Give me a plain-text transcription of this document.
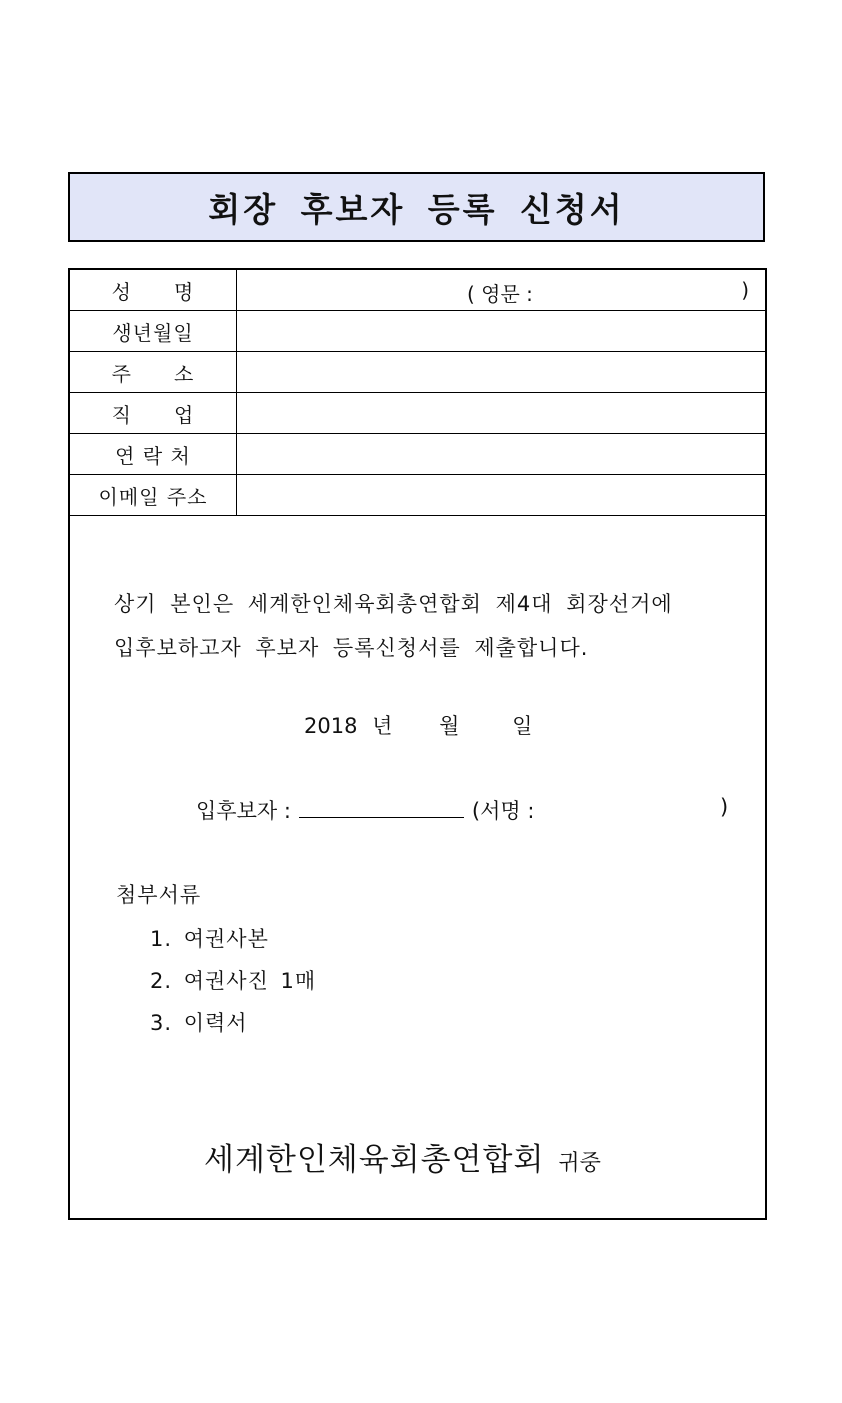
회장 후보자 등록 신청서
성　　명	( 영문 : )

생년월일	
주　　소	
직　　업	
연 락 처	
이메일 주소	
상기 본인은 세계한인체육회총연합회 제4대 회장선거에
입후보하고자 후보자 등록신청서를 제출합니다.
2018 년 월	일
입후보자 :	(서명 :	)
첨부서류
1. 여권사본
2. 여권사진 1매
3. 이력서
세계한인체육회총연합회 귀중
